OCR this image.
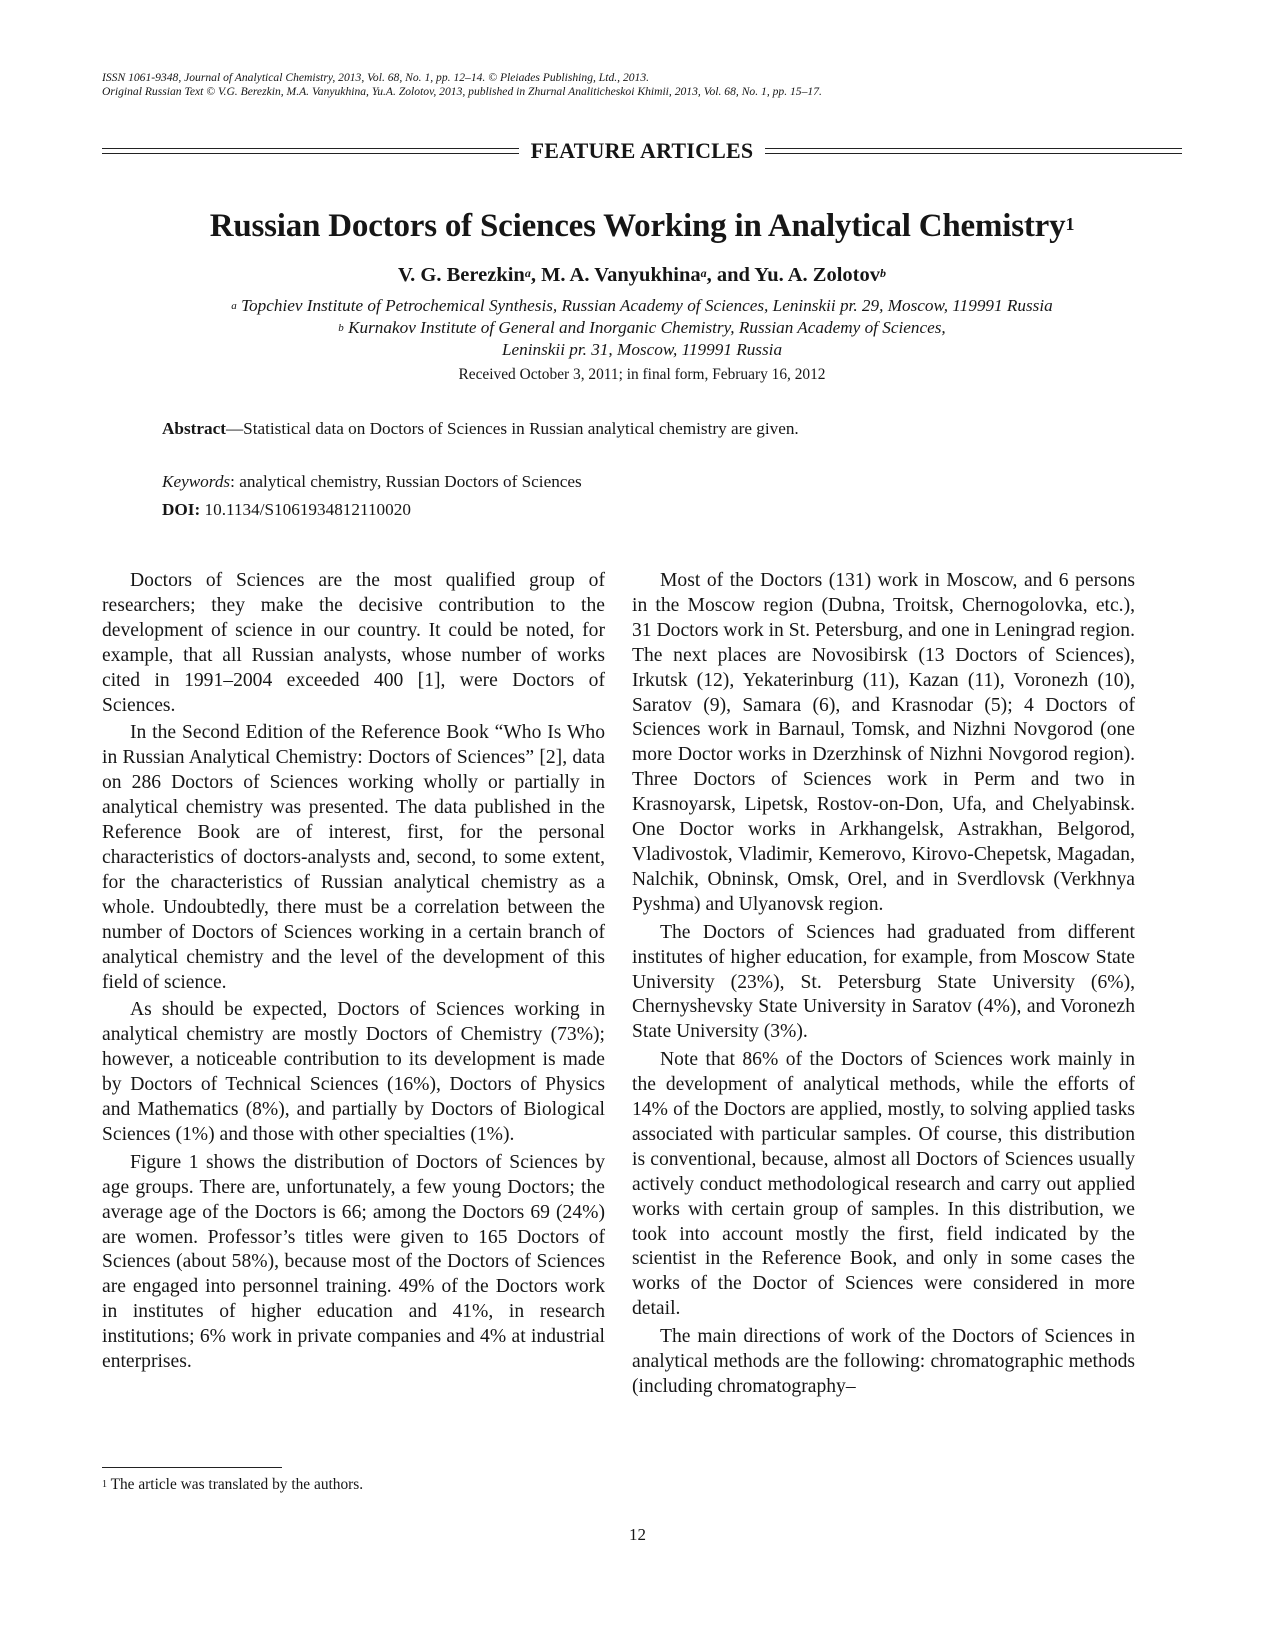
ISSN 1061-9348, Journal of Analytical Chemistry, 2013, Vol. 68, No. 1, pp. 12–14. © Pleiades Publishing, Ltd., 2013.
Original Russian Text © V.G. Berezkin, M.A. Vanyukhina, Yu.A. Zolotov, 2013, published in Zhurnal Analiticheskoi Khimii, 2013, Vol. 68, No. 1, pp. 15–17.
FEATURE ARTICLES
Russian Doctors of Sciences Working in Analytical Chemistry$^1$
V. G. Berezkin$^a$, M. A. Vanyukhina$^a$, and Yu. A. Zolotov$^b$
$^a$ Topchiev Institute of Petrochemical Synthesis, Russian Academy of Sciences, Leninskii pr. 29, Moscow, 119991 Russia
$^b$ Kurnakov Institute of General and Inorganic Chemistry, Russian Academy of Sciences,
Leninskii pr. 31, Moscow, 119991 Russia
Received October 3, 2011; in final form, February 16, 2012
Abstract—Statistical data on Doctors of Sciences in Russian analytical chemistry are given.
Keywords: analytical chemistry, Russian Doctors of Sciences
DOI: 10.1134/S1061934812110020

Doctors of Sciences are the most qualified group of researchers; they make the decisive contribution to the development of science in our country. It could be noted, for example, that all Russian analysts, whose number of works cited in 1991–2004 exceeded 400 [1], were Doctors of Sciences.

In the Second Edition of the Reference Book “Who Is Who in Russian Analytical Chemistry: Doctors of Sciences” [2], data on 286 Doctors of Sciences working wholly or partially in analytical chemistry was presented. The data published in the Reference Book are of interest, first, for the personal characteristics of doctors-analysts and, second, to some extent, for the characteristics of Russian analytical chemistry as a whole. Undoubtedly, there must be a correlation between the number of Doctors of Sciences working in a certain branch of analytical chemistry and the level of the development of this field of science.

As should be expected, Doctors of Sciences working in analytical chemistry are mostly Doctors of Chemistry (73%); however, a noticeable contribution to its development is made by Doctors of Technical Sciences (16%), Doctors of Physics and Mathematics (8%), and partially by Doctors of Biological Sciences (1%) and those with other specialties (1%).

Figure 1 shows the distribution of Doctors of Sciences by age groups. There are, unfortunately, a few young Doctors; the average age of the Doctors is 66; among the Doctors 69 (24%) are women. Professor’s titles were given to 165 Doctors of Sciences (about 58%), because most of the Doctors of Sciences are engaged into personnel training. 49% of the Doctors work in institutes of higher education and 41%, in research institutions; 6% work in private companies and 4% at industrial enterprises.

Most of the Doctors (131) work in Moscow, and 6 persons in the Moscow region (Dubna, Troitsk, Chernogolovka, etc.), 31 Doctors work in St. Petersburg, and one in Leningrad region. The next places are Novosibirsk (13 Doctors of Sciences), Irkutsk (12), Yekaterinburg (11), Kazan (11), Voronezh (10), Saratov (9), Samara (6), and Krasnodar (5); 4 Doctors of Sciences work in Barnaul, Tomsk, and Nizhni Novgorod (one more Doctor works in Dzerzhinsk of Nizhni Novgorod region). Three Doctors of Sciences work in Perm and two in Krasnoyarsk, Lipetsk, Rostov-on-Don, Ufa, and Chelyabinsk. One Doctor works in Arkhangelsk, Astrakhan, Belgorod, Vladivostok, Vladimir, Kemerovo, Kirovo-Chepetsk, Magadan, Nalchik, Obninsk, Omsk, Orel, and in Sverdlovsk (Verkhnya Pyshma) and Ulyanovsk region.

The Doctors of Sciences had graduated from different institutes of higher education, for example, from Moscow State University (23%), St. Petersburg State University (6%), Chernyshevsky State University in Saratov (4%), and Voronezh State University (3%).

Note that 86% of the Doctors of Sciences work mainly in the development of analytical methods, while the efforts of 14% of the Doctors are applied, mostly, to solving applied tasks associated with particular samples. Of course, this distribution is conventional, because, almost all Doctors of Sciences usually actively conduct methodological research and carry out applied works with certain group of samples. In this distribution, we took into account mostly the first, field indicated by the scientist in the Reference Book, and only in some cases the works of the Doctor of Sciences were considered in more detail.

The main directions of work of the Doctors of Sciences in analytical methods are the following: chromatographic methods (including chromatography–

$^1$ The article was translated by the authors.
12
